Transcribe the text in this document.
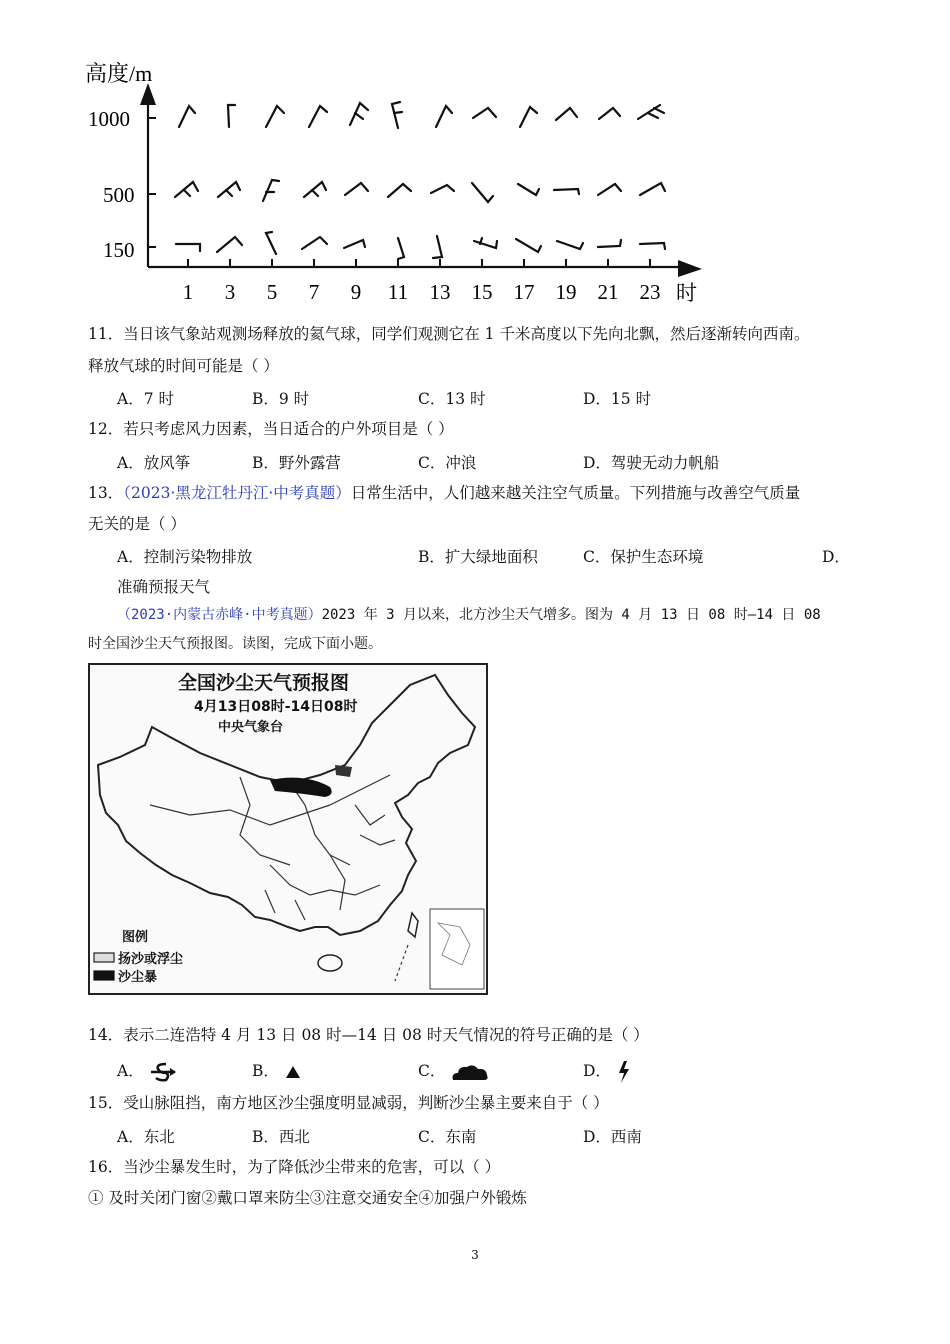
高度/m
1000
500
150
1 3 5 7 9 11 13 15 17 19 21 23 时
11．当日该气象站观测场释放的氦气球，同学们观测它在 1 千米高度以下先向北飘，然后逐渐转向西南。
释放气球的时间可能是（ ）
A．7 时	B．9 时	C．13 时	D．15 时
12．若只考虑风力因素，当日适合的户外项目是（ ）
A．放风筝	B．野外露营	C．冲浪	D．驾驶无动力帆船
13．（2023·黑龙江牡丹江·中考真题）日常生活中，人们越来越关注空气质量。下列措施与改善空气质量
无关的是（ ）
A．控制污染物排放	B．扩大绿地面积	C．保护生态环境	D．
准确预报天气
（2023·内蒙古赤峰·中考真题）2023 年 3 月以来，北方沙尘天气增多。图为 4 月 13 日 08 时—14 日 08
时全国沙尘天气预报图。读图，完成下面小题。
全国沙尘天气预报图
4月13日08时-14日08时
中央气象台
图例
扬沙或浮尘
沙尘暴
14．表示二连浩特 4 月 13 日 08 时—14 日 08 时天气情况的符号正确的是（ ）
A．	B．	C．	D．
15．受山脉阻挡，南方地区沙尘强度明显减弱，判断沙尘暴主要来自于（ ）
A．东北	B．西北	C．东南	D．西南
16．当沙尘暴发生时，为了降低沙尘带来的危害，可以（ ）
① 及时关闭门窗②戴口罩来防尘③注意交通安全④加强户外锻炼
3
